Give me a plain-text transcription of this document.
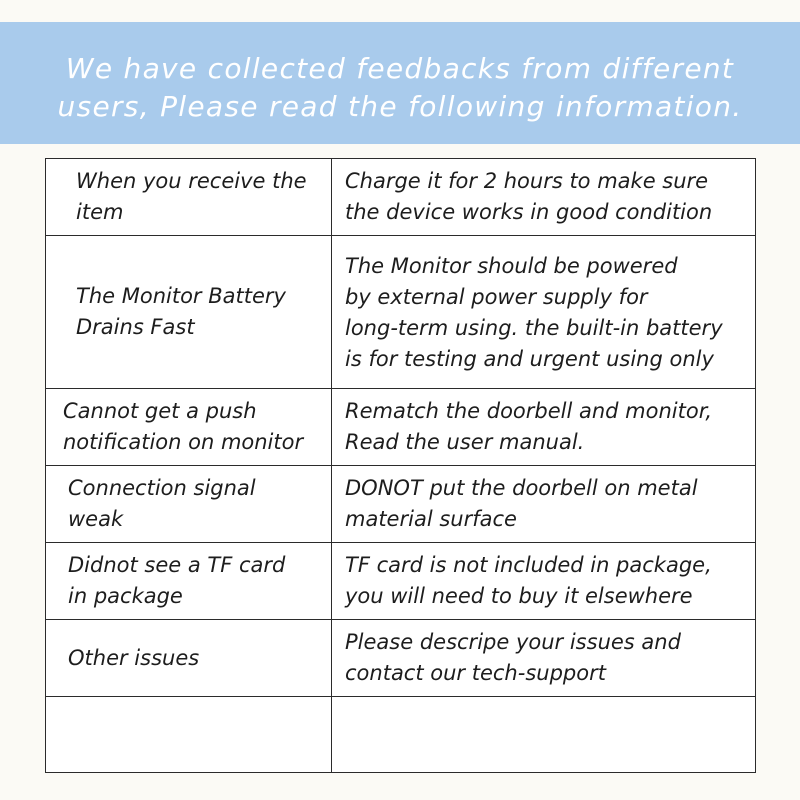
We have collected feedbacks from different
users, Please read the following information.
When you receive the
item	Charge it for 2 hours to make sure
the device works in good condition

The Monitor Battery
Drains Fast	The Monitor should be powered
by external power supply for
long-term using. the built-in battery
is for testing and urgent using only

Cannot get a push
notification on monitor	Rematch the doorbell and monitor,
Read the user manual.

Connection signal
weak	DONOT put the doorbell on metal
material surface

Didnot see a TF card
in package	TF card is not included in package,
you will need to buy it elsewhere

Other issues	Please descripe your issues and
contact our tech-support
